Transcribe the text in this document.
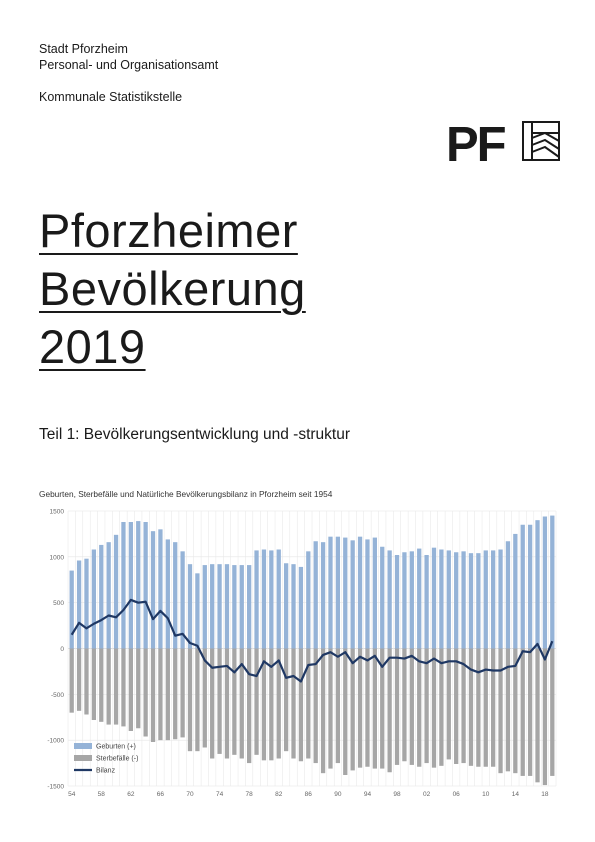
Stadt Pforzheim
Personal- und Organisationsamt
Kommunale Statistikstelle
PF
Pforzheimer
Bevölkerung
2019
Teil 1: Bevölkerungsentwicklung und -struktur
Geburten, Sterbefälle und Natürliche Bevölkerungsbilanz in Pforzheim seit 1954
1500
1000
500
0
-500
-1000
-1500
54	58	62	66	70	74	78	82	86	90	94	98	02	06	10	14	18
Geburten (+)
Sterbefälle (-)
Bilanz
